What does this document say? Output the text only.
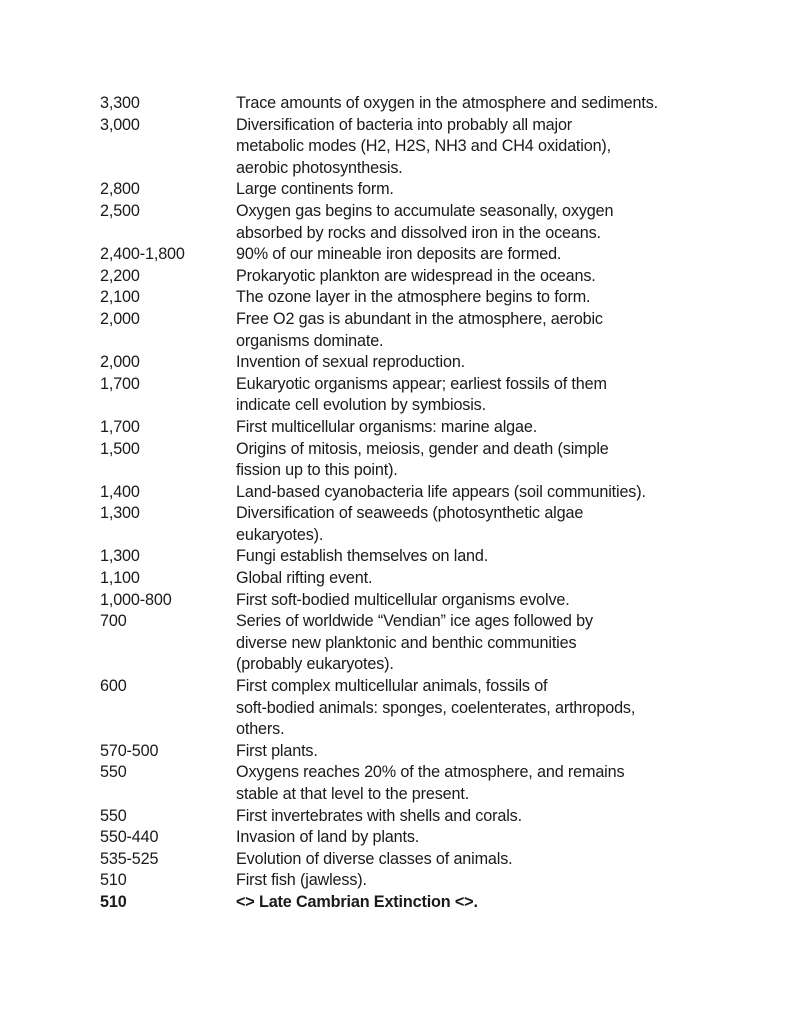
3,300	Trace amounts of oxygen in the atmosphere and sediments.
3,000	Diversification of bacteria into probably all major
metabolic modes (H2, H2S, NH3 and CH4 oxidation),
aerobic photosynthesis.
2,800	Large continents form.
2,500	Oxygen gas begins to accumulate seasonally, oxygen
absorbed by rocks and dissolved iron in the oceans.
2,400-1,800	90% of our mineable iron deposits are formed.
2,200	Prokaryotic plankton are widespread in the oceans.
2,100	The ozone layer in the atmosphere begins to form.
2,000	Free O2 gas is abundant in the atmosphere, aerobic
organisms dominate.
2,000	Invention of sexual reproduction.
1,700	Eukaryotic organisms appear; earliest fossils of them
indicate cell evolution by symbiosis.
1,700	First multicellular organisms: marine algae.
1,500	Origins of mitosis, meiosis, gender and death (simple
fission up to this point).
1,400	Land-based cyanobacteria life appears (soil communities).
1,300	Diversification of seaweeds (photosynthetic algae
eukaryotes).
1,300	Fungi establish themselves on land.
1,100	Global rifting event.
1,000-800	First soft-bodied multicellular organisms evolve.
700	Series of worldwide “Vendian” ice ages followed by
diverse new planktonic and benthic communities
(probably eukaryotes).
600	First complex multicellular animals, fossils of
soft-bodied animals: sponges, coelenterates, arthropods,
others.
570-500	First plants.
550	Oxygens reaches 20% of the atmosphere, and remains
stable at that level to the present.
550	First invertebrates with shells and corals.
550-440	Invasion of land by plants.
535-525	Evolution of diverse classes of animals.
510	First fish (jawless).
510	<> Late Cambrian Extinction <>.
